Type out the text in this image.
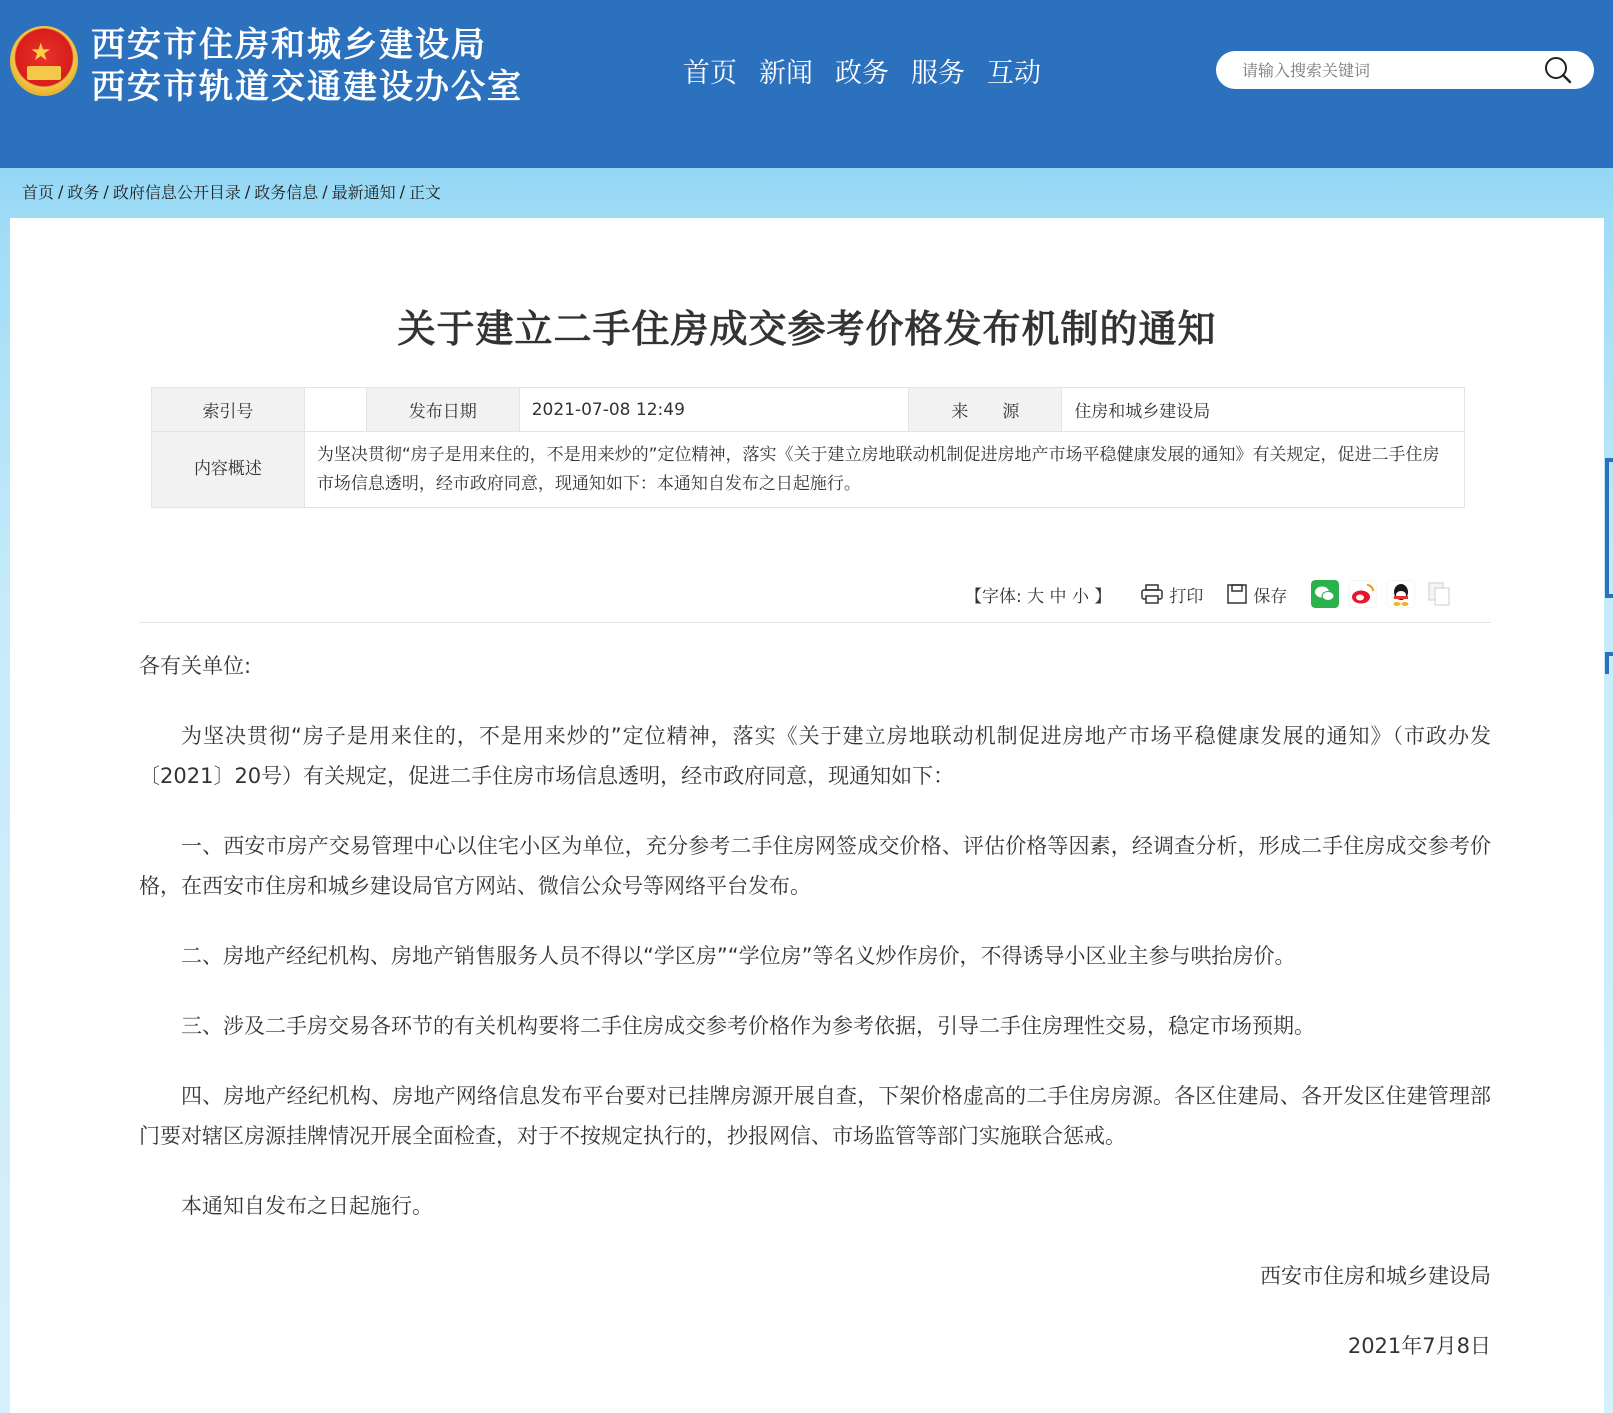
★ 西安市住房和城乡建设局
西安市轨道交通建设办公室	首页 新闻 政务 服务 互动
请输入搜索关键词
首页 / 政务 / 政府信息公开目录 / 政务信息 / 最新通知 / 正文
关于建立二手住房成交参考价格发布机制的通知
索引号		发布日期	2021-07-08 12:49	来　　源	住房和城乡建设局
内容概述	为坚决贯彻“房子是用来住的，不是用来炒的”定位精神，落实《关于建立房地联动机制促进房地产市场平稳健康发展的通知》有关规定，促进二手住房市场信息透明，经市政府同意，现通知如下：本通知自发布之日起施行。				
【字体: 大 中 小 】	打印	保存

各有关单位:

为坚决贯彻“房子是用来住的，不是用来炒的”定位精神，落实《关于建立房地联动机制促进房地产市场平稳健康发展的通知》（市政办发〔2021〕20号）有关规定，促进二手住房市场信息透明，经市政府同意，现通知如下：

一、西安市房产交易管理中心以住宅小区为单位，充分参考二手住房网签成交价格、评估价格等因素，经调查分析，形成二手住房成交参考价格，在西安市住房和城乡建设局官方网站、微信公众号等网络平台发布。

二、房地产经纪机构、房地产销售服务人员不得以“学区房”“学位房”等名义炒作房价，不得诱导小区业主参与哄抬房价。

三、涉及二手房交易各环节的有关机构要将二手住房成交参考价格作为参考依据，引导二手住房理性交易，稳定市场预期。

四、房地产经纪机构、房地产网络信息发布平台要对已挂牌房源开展自查，下架价格虚高的二手住房房源。各区住建局、各开发区住建管理部门要对辖区房源挂牌情况开展全面检查，对于不按规定执行的，抄报网信、市场监管等部门实施联合惩戒。

本通知自发布之日起施行。

西安市住房和城乡建设局

2021年7月8日
